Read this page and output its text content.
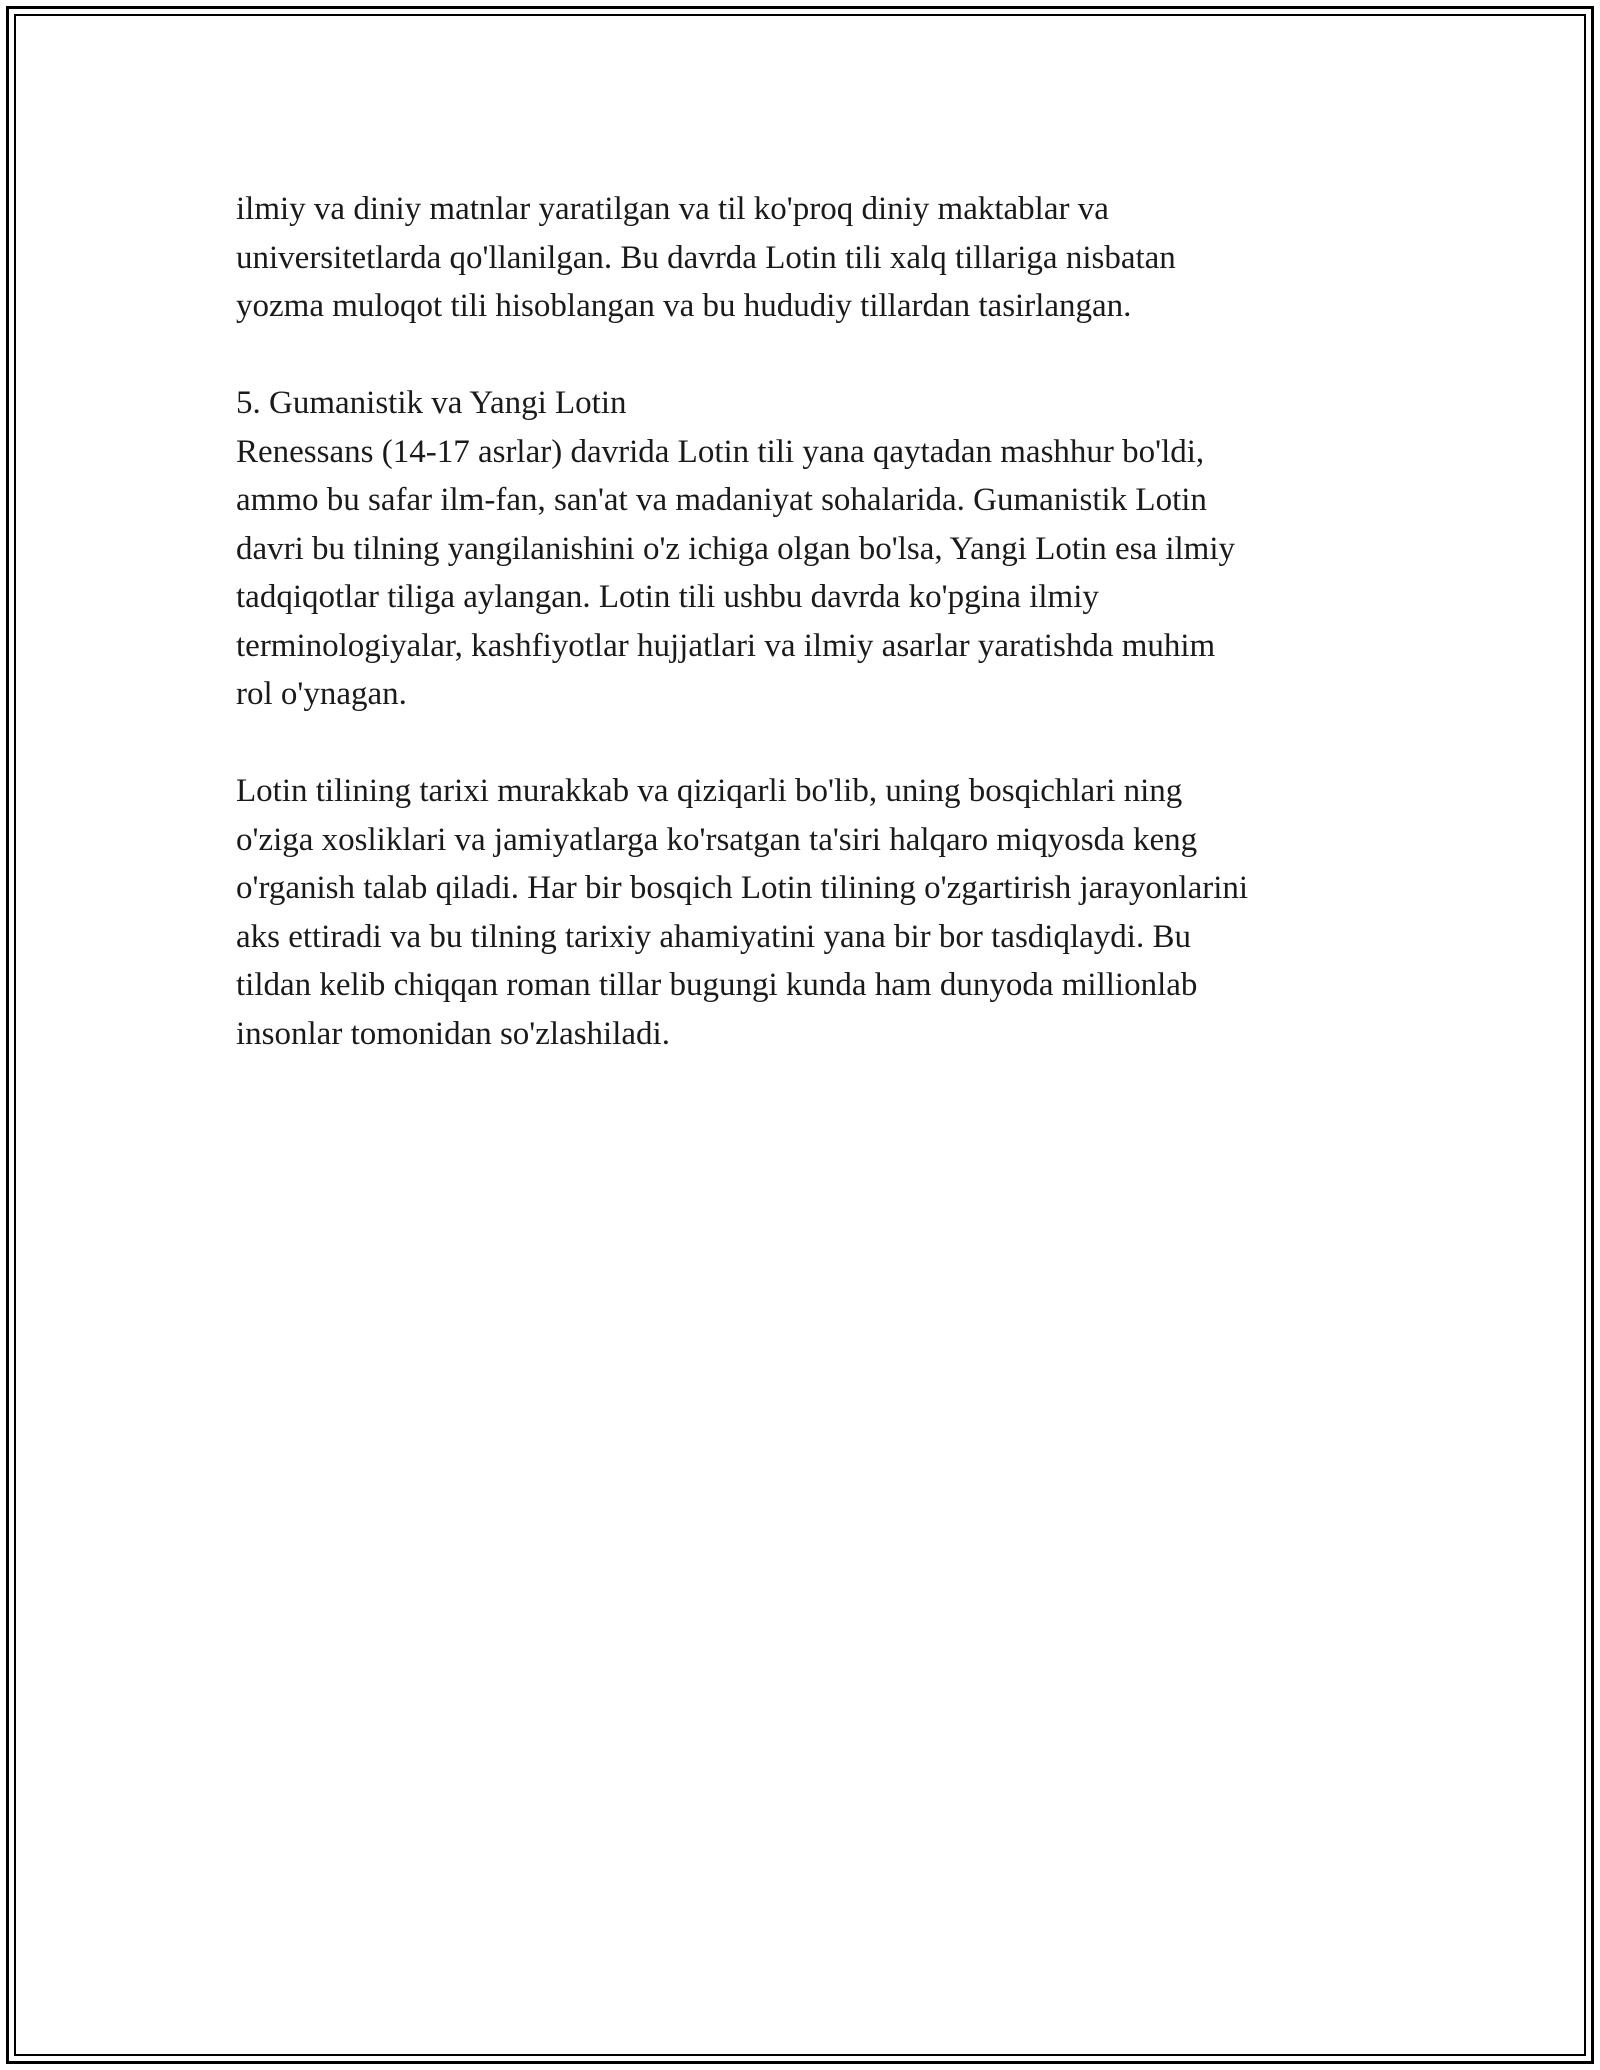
ilmiy va diniy matnlar yaratilgan va til ko'proq diniy maktablar va

universitetlarda qo'llanilgan. Bu davrda Lotin tili xalq tillariga nisbatan

yozma muloqot tili hisoblangan va bu hududiy tillardan tasirlangan.

5. Gumanistik va Yangi Lotin

Renessans (14-17 asrlar) davrida Lotin tili yana qaytadan mashhur bo'ldi,

ammo bu safar ilm-fan, san'at va madaniyat sohalarida. Gumanistik Lotin

davri bu tilning yangilanishini o'z ichiga olgan bo'lsa, Yangi Lotin esa ilmiy

tadqiqotlar tiliga aylangan. Lotin tili ushbu davrda ko'pgina ilmiy

terminologiyalar, kashfiyotlar hujjatlari va ilmiy asarlar yaratishda muhim

rol o'ynagan.

Lotin tilining tarixi murakkab va qiziqarli bo'lib, uning bosqichlari ning

o'ziga xosliklari va jamiyatlarga ko'rsatgan ta'siri halqaro miqyosda keng

o'rganish talab qiladi. Har bir bosqich Lotin tilining o'zgartirish jarayonlarini

aks ettiradi va bu tilning tarixiy ahamiyatini yana bir bor tasdiqlaydi. Bu

tildan kelib chiqqan roman tillar bugungi kunda ham dunyoda millionlab

insonlar tomonidan so'zlashiladi.
